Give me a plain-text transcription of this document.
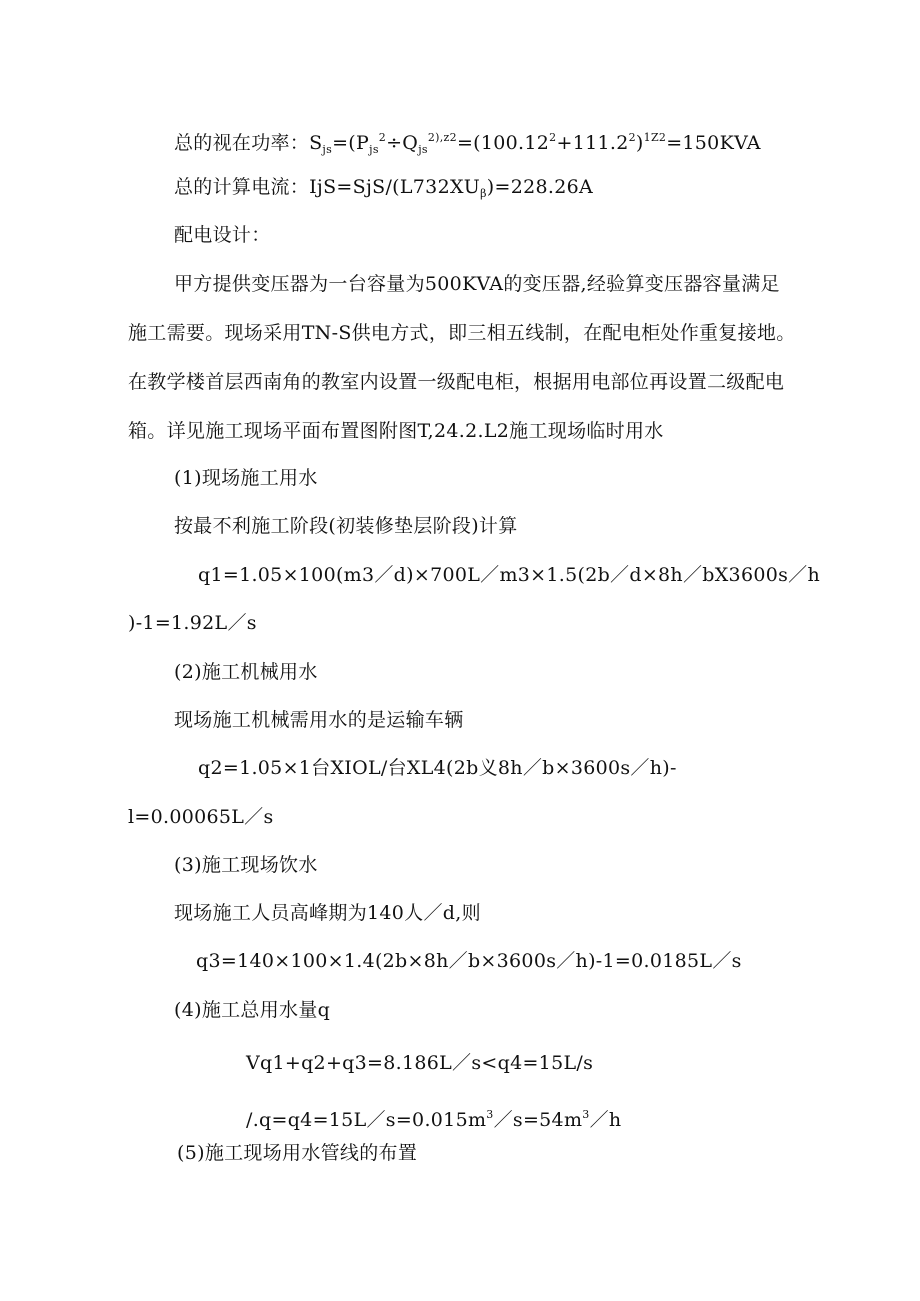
总的视在功率：$S_{js}=(P_{js}^2\div Q_{js}^{2),z2}=(100.12^2+111.2^2)^{1Z2}=150KVA$
总的计算电流：$IjS=SjS/(L732XU_\beta)=228.26A$
配电设计：
甲方提供变压器为一台容量为500KVA的变压器,经验算变压器容量满足
施工需要。现场采用TN-S供电方式，即三相五线制，在配电柜处作重复接地。
在教学楼首层西南角的教室内设置一级配电柜，根据用电部位再设置二级配电
箱。详见施工现场平面布置图附图T,24.2.L2施工现场临时用水
(1)现场施工用水
按最不利施工阶段(初装修垫层阶段)计算
q1=1.05×100(m3／d)×700L／m3×1.5(2b／d×8h／bX3600s／h
)-1=1.92L／s
(2)施工机械用水
现场施工机械需用水的是运输车辆
q2=1.05×1台XIOL/台XL4(2b义8h／b×3600s／h)-
l=0.00065L／s
(3)施工现场饮水
现场施工人员高峰期为140人／d,则
q3=140×100×1.4(2b×8h／b×3600s／h)-1=0.0185L／s
(4)施工总用水量q
Vq1+q2+q3=8.186L／s<q4=15L/s
$/.q=q4=15L/s=0.015m^3/s=54m^3/h$
(5)施工现场用水管线的布置
